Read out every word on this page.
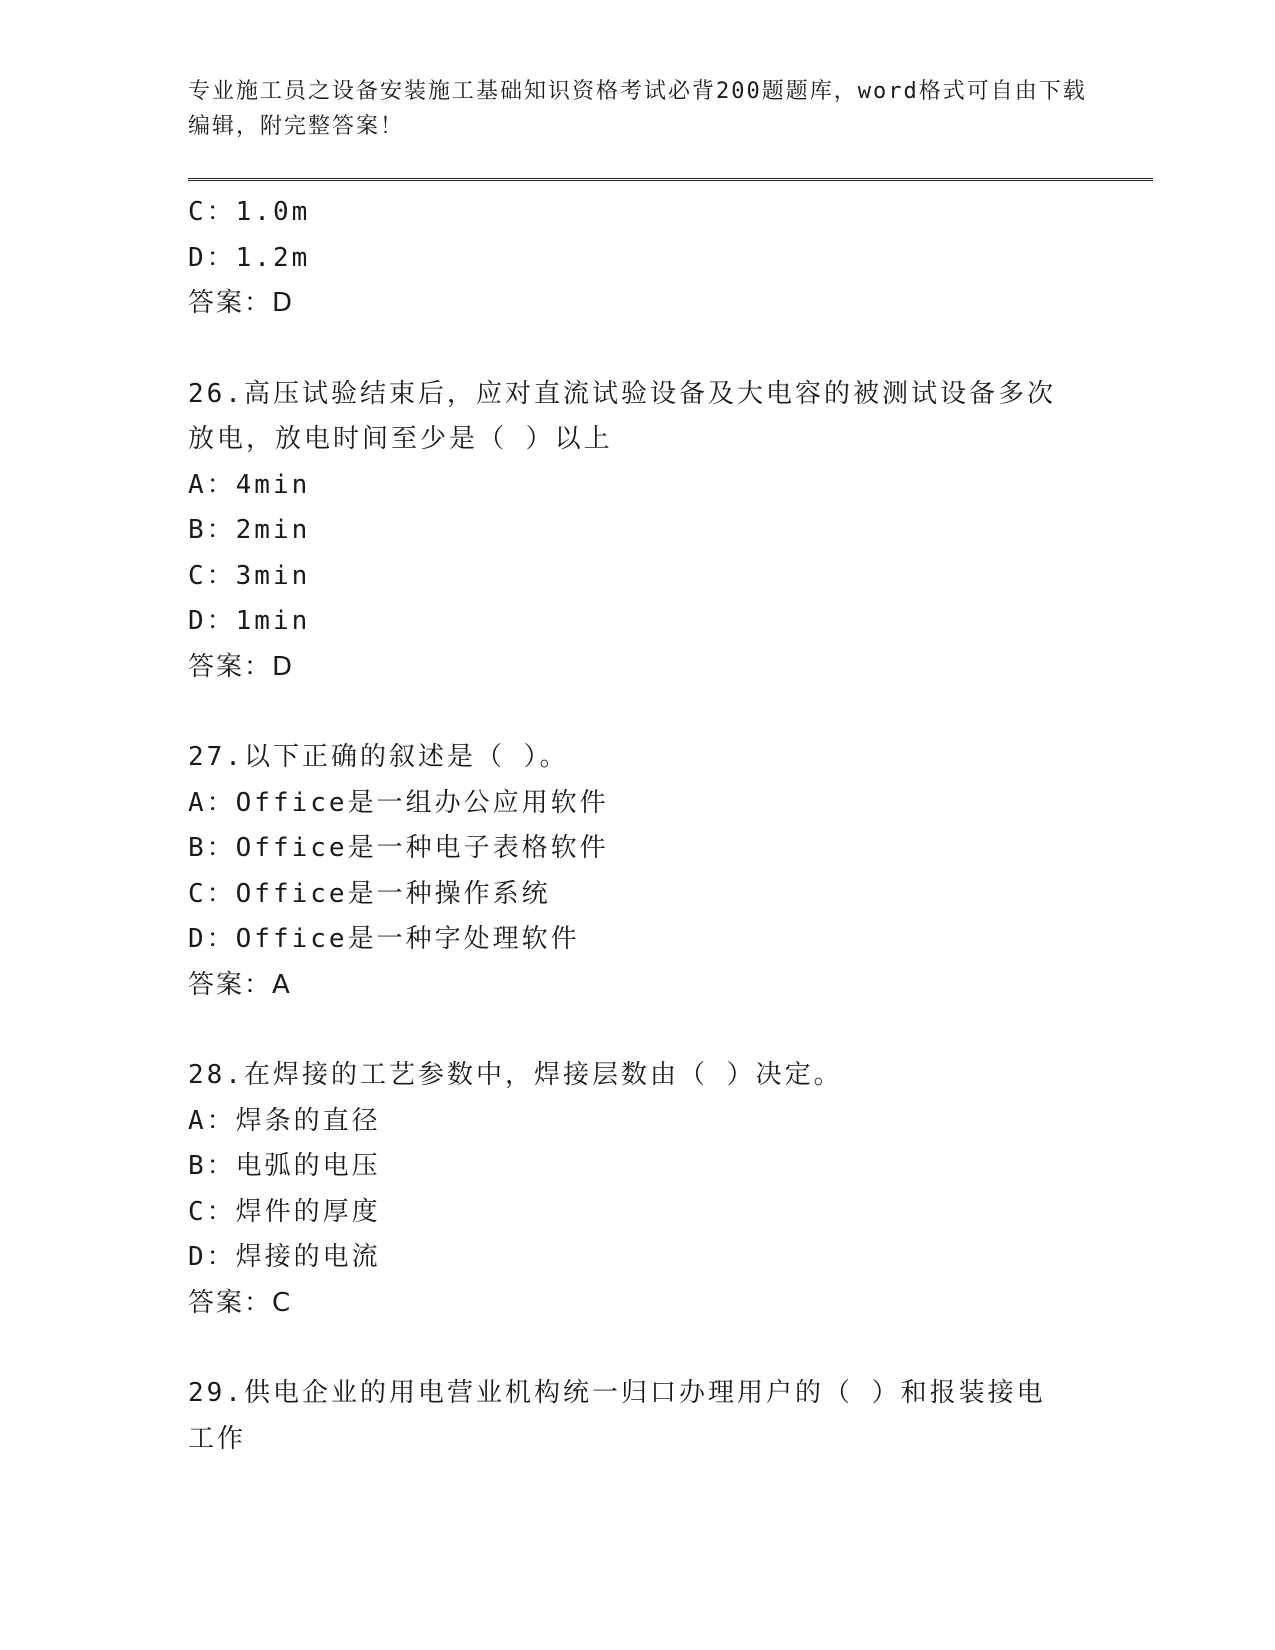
专业施工员之设备安装施工基础知识资格考试必背200题题库，word格式可自由下载编辑，附完整答案！
C：1.0m
D：1.2m
答案：D
26.高压试验结束后，应对直流试验设备及大电容的被测试设备多次放电，放电时间至少是（ ）以上
A：4min
B：2min
C：3min
D：1min
答案：D
27.以下正确的叙述是（ ）。
A：Office是一组办公应用软件
B：Office是一种电子表格软件
C：Office是一种操作系统
D：Office是一种字处理软件
答案：A
28.在焊接的工艺参数中，焊接层数由（ ）决定。
A：焊条的直径
B：电弧的电压
C：焊件的厚度
D：焊接的电流
答案：C
29.供电企业的用电营业机构统一归口办理用户的（ ）和报装接电工作
